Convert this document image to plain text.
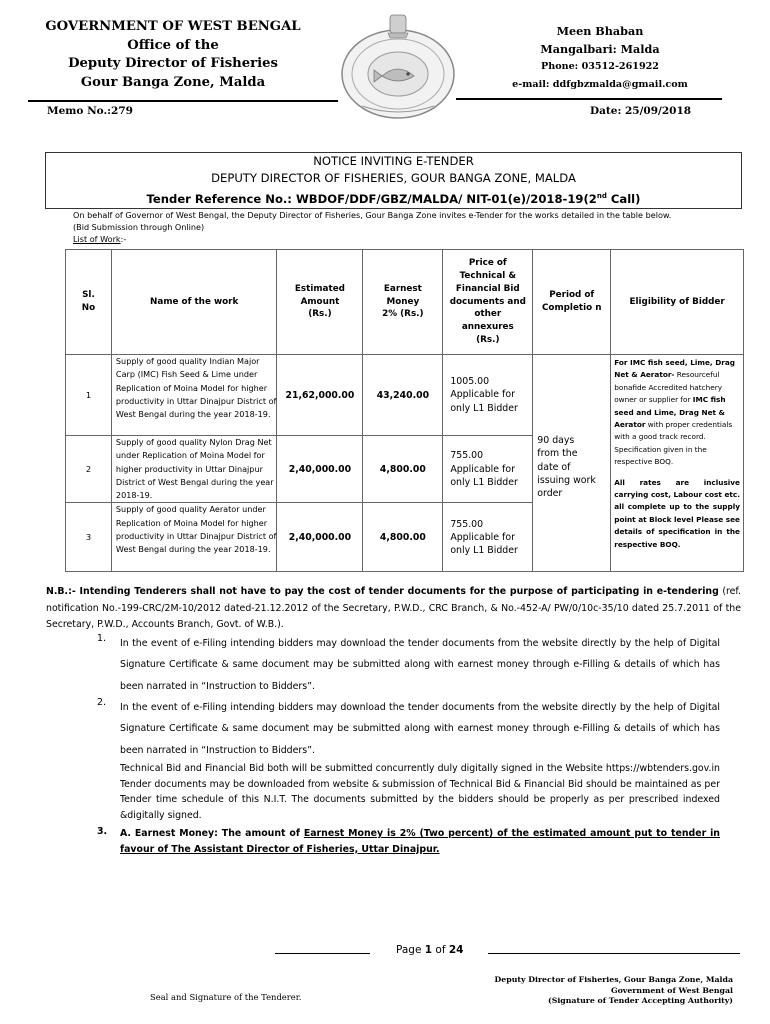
GOVERNMENT OF WEST BENGAL
Office of the
Deputy Director of Fisheries
Gour Banga Zone, Malda
Meen Bhaban
Mangalbari: Malda
Phone: 03512-261922
e-mail: ddfgbzmalda@gmail.com
Memo No.:279	Date: 25/09/2018
NOTICE INVITING E-TENDER
DEPUTY DIRECTOR OF FISHERIES, GOUR BANGA ZONE, MALDA
Tender Reference No.: WBDOF/DDF/GBZ/MALDA/ NIT-01(e)/2018-19(2nd Call)
On behalf of Governor of West Bengal, the Deputy Director of Fisheries, Gour Banga Zone invites e-Tender for the works detailed in the table below.
(Bid Submission through Online)
List of Work:-
Sl. No	Name of the work	Estimated Amount (Rs.)	Earnest Money 2% (Rs.)	Price of Technical & Financial Bid documents and other annexures (Rs.)	Period of Completio n	Eligibility of Bidder
1	Supply of good quality Indian Major Carp (IMC) Fish Seed & Lime under Replication of Moina Model for higher productivity in Uttar Dinajpur District of West Bengal during the year 2018-19.	21,62,000.00	43,240.00	1005.00 Applicable for only L1 Bidder	90 days from the date of issuing work order	For IMC fish seed, Lime, Drag Net & Aerator- Resourceful bonafide Accredited hatchery owner or supplier for IMC fish seed and Lime, Drag Net & Aerator with proper credentials with a good track record. Specification given in the respective BOQ.
All rates are inclusive carrying cost, Labour cost etc. all complete up to the supply point at Block level Please see details of specification in the respective BOQ.

2	Supply of good quality Nylon Drag Net under Replication of Moina Model for higher productivity in Uttar Dinajpur District of West Bengal during the year 2018-19.	2,40,000.00	4,800.00	755.00 Applicable for only L1 Bidder		

3	Supply of good quality Aerator under Replication of Moina Model for higher productivity in Uttar Dinajpur District of West Bengal during the year 2018-19.	2,40,000.00	4,800.00	755.00 Applicable for only L1 Bidder		
N.B.:- Intending Tenderers shall not have to pay the cost of tender documents for the purpose of participating in e-tendering (ref. notification No.-199-CRC/2M-10/2012 dated-21.12.2012 of the Secretary, P.W.D., CRC Branch, & No.-452-A/ PW/0/10c-35/10 dated 25.7.2011 of the Secretary, P.W.D., Accounts Branch, Govt. of W.B.).
1. In the event of e-Filing intending bidders may download the tender documents from the website directly by the help of Digital Signature Certificate & same document may be submitted along with earnest money through e-Filling & details of which has been narrated in “Instruction to Bidders”.
2. In the event of e-Filing intending bidders may download the tender documents from the website directly by the help of Digital Signature Certificate & same document may be submitted along with earnest money through e-Filling & details of which has been narrated in “Instruction to Bidders”.
Technical Bid and Financial Bid both will be submitted concurrently duly digitally signed in the Website https://wbtenders.gov.in Tender documents may be downloaded from website & submission of Technical Bid & Financial Bid should be maintained as per Tender time schedule of this N.I.T. The documents submitted by the bidders should be properly as per prescribed indexed &digitally signed.
3. A. Earnest Money: The amount of Earnest Money is 2% (Two percent) of the estimated amount put to tender in favour of The Assistant Director of Fisheries, Uttar Dinajpur.
Page 1 of 24
Deputy Director of Fisheries, Gour Banga Zone, Malda
Government of West Bengal
(Signature of Tender Accepting Authority)
Seal and Signature of the Tenderer.
